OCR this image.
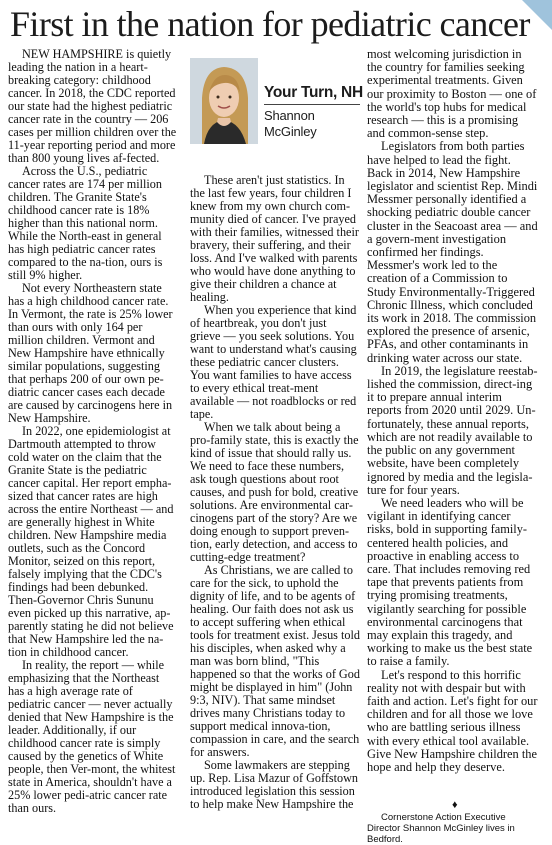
First in the nation for pediatric cancer

NEW HAMPSHIRE is quietly leading the nation in a heart-breaking category: childhood cancer. In 2018, the CDC reported our state had the highest pediatric cancer rate in the country — 206 cases per million children over the 11-year reporting period and more than 800 young lives af-fected.

Across the U.S., pediatric cancer rates are 174 per million children. The Granite State's childhood cancer rate is 18% higher than this national norm. While the North-east in general has high pediatric cancer rates compared to the na-tion, ours is still 9% higher.

Not every Northeastern state has a high childhood cancer rate. In Vermont, the rate is 25% lower than ours with only 164 per million children. Vermont and New Hampshire have ethnically similar populations, suggesting that perhaps 200 of our own pe-diatric cancer cases each decade are caused by carcinogens here in New Hampshire.

In 2022, one epidemiologist at Dartmouth attempted to throw cold water on the claim that the Granite State is the pediatric cancer capital. Her report empha-sized that cancer rates are high across the entire Northeast — and are generally highest in White children. New Hampshire media outlets, such as the Concord Monitor, seized on this report, falsely implying that the CDC's findings had been debunked. Then-Governor Chris Sununu even picked up this narrative, ap-parently stating he did not believe that New Hampshire led the na-tion in childhood cancer.

In reality, the report — while emphasizing that the Northeast has a high average rate of pediatric cancer — never actually denied that New Hampshire is the leader. Additionally, if our childhood cancer rate is simply caused by the genetics of White people, then Ver-mont, the whitest state in America, shouldn't have a 25% lower pedi-atric cancer rate than ours.

Your Turn, NH
Shannon McGinley

These aren't just statistics. In the last few years, four children I knew from my own church com-munity died of cancer. I've prayed with their families, witnessed their bravery, their suffering, and their loss. And I've walked with parents who would have done anything to give their children a chance at healing.

When you experience that kind of heartbreak, you don't just grieve — you seek solutions. You want to understand what's causing these pediatric cancer clusters. You want families to have access to every ethical treat-ment available — not roadblocks or red tape.

When we talk about being a pro-family state, this is exactly the kind of issue that should rally us. We need to face these numbers, ask tough questions about root causes, and push for bold, creative solutions. Are environmental car-cinogens part of the story? Are we doing enough to support preven-tion, early detection, and access to cutting-edge treatment?

As Christians, we are called to care for the sick, to uphold the dignity of life, and to be agents of healing. Our faith does not ask us to accept suffering when ethical tools for treatment exist. Jesus told his disciples, when asked why a man was born blind, "This happened so that the works of God might be displayed in him" (John 9:3, NIV). That same mindset drives many Christians today to support medical innova-tion, compassion in care, and the search for answers.

Some lawmakers are stepping up. Rep. Lisa Mazur of Goffstown introduced legislation this session to help make New Hampshire the

most welcoming jurisdiction in the country for families seeking experimental treatments. Given our proximity to Boston — one of the world's top hubs for medical research — this is a promising and common-sense step.

Legislators from both parties have helped to lead the fight. Back in 2014, New Hampshire legislator and scientist Rep. Mindi Messmer personally identified a shocking pediatric double cancer cluster in the Seacoast area — and a govern-ment investigation confirmed her findings. Messmer's work led to the creation of a Commission to Study Environmentally-Triggered Chronic Illness, which concluded its work in 2018. The commission explored the presence of arsenic, PFAs, and other contaminants in drinking water across our state.

In 2019, the legislature reestab-lished the commission, direct-ing it to prepare annual interim reports from 2020 until 2029. Un-fortunately, these annual reports, which are not readily available to the public on any government website, have been completely ignored by media and the legisla-ture for four years.

We need leaders who will be vigilant in identifying cancer risks, bold in supporting family-centered health policies, and proactive in enabling access to care. That includes removing red tape that prevents patients from trying promising treatments, vigilantly searching for possible environmental carcinogens that may explain this tragedy, and working to make us the best state to raise a family.

Let's respond to this horrific reality not with despair but with faith and action. Let's fight for our children and for all those we love who are battling serious illness with every ethical tool available. Give New Hampshire children the hope and help they deserve.

♦
Cornerstone Action Executive Director Shannon McGinley lives in Bedford.
